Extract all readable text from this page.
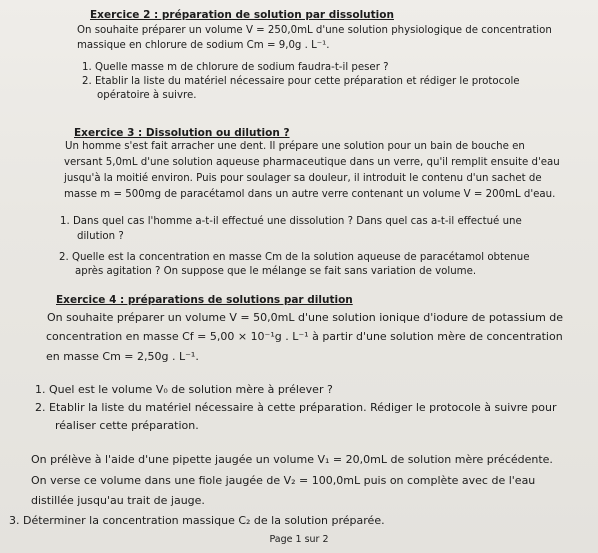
Exercice 2 : préparation de solution par dissolution
On souhaite préparer un volume V = 250,0mL d'une solution physiologique de concentration
massique en chlorure de sodium Cm = 9,0g . L⁻¹.
1. Quelle masse m de chlorure de sodium faudra-t-il peser ?
2. Etablir la liste du matériel nécessaire pour cette préparation et rédiger le protocole
opératoire à suivre.
Exercice 3 : Dissolution ou dilution ?
Un homme s'est fait arracher une dent. Il prépare une solution pour un bain de bouche en
versant 5,0mL d'une solution aqueuse pharmaceutique dans un verre, qu'il remplit ensuite d'eau
jusqu'à la moitié environ. Puis pour soulager sa douleur, il introduit le contenu d'un sachet de
masse m = 500mg de paracétamol dans un autre verre contenant un volume V = 200mL d'eau.
1. Dans quel cas l'homme a-t-il effectué une dissolution ? Dans quel cas a-t-il effectué une
dilution ?
2. Quelle est la concentration en masse Cm de la solution aqueuse de paracétamol obtenue
après agitation ? On suppose que le mélange se fait sans variation de volume.
Exercice 4 : préparations de solutions par dilution
On souhaite préparer un volume V = 50,0mL d'une solution ionique d'iodure de potassium de
concentration en masse Cf = 5,00 × 10⁻¹g . L⁻¹ à partir d'une solution mère de concentration
en masse Cm = 2,50g . L⁻¹.
1. Quel est le volume V₀ de solution mère à prélever ?
2. Etablir la liste du matériel nécessaire à cette préparation. Rédiger le protocole à suivre pour
réaliser cette préparation.
On prélève à l'aide d'une pipette jaugée un volume V₁ = 20,0mL de solution mère précédente.
On verse ce volume dans une fiole jaugée de V₂ = 100,0mL puis on complète avec de l'eau
distillée jusqu'au trait de jauge.
3. Déterminer la concentration massique C₂ de la solution préparée.
Page 1 sur 2
